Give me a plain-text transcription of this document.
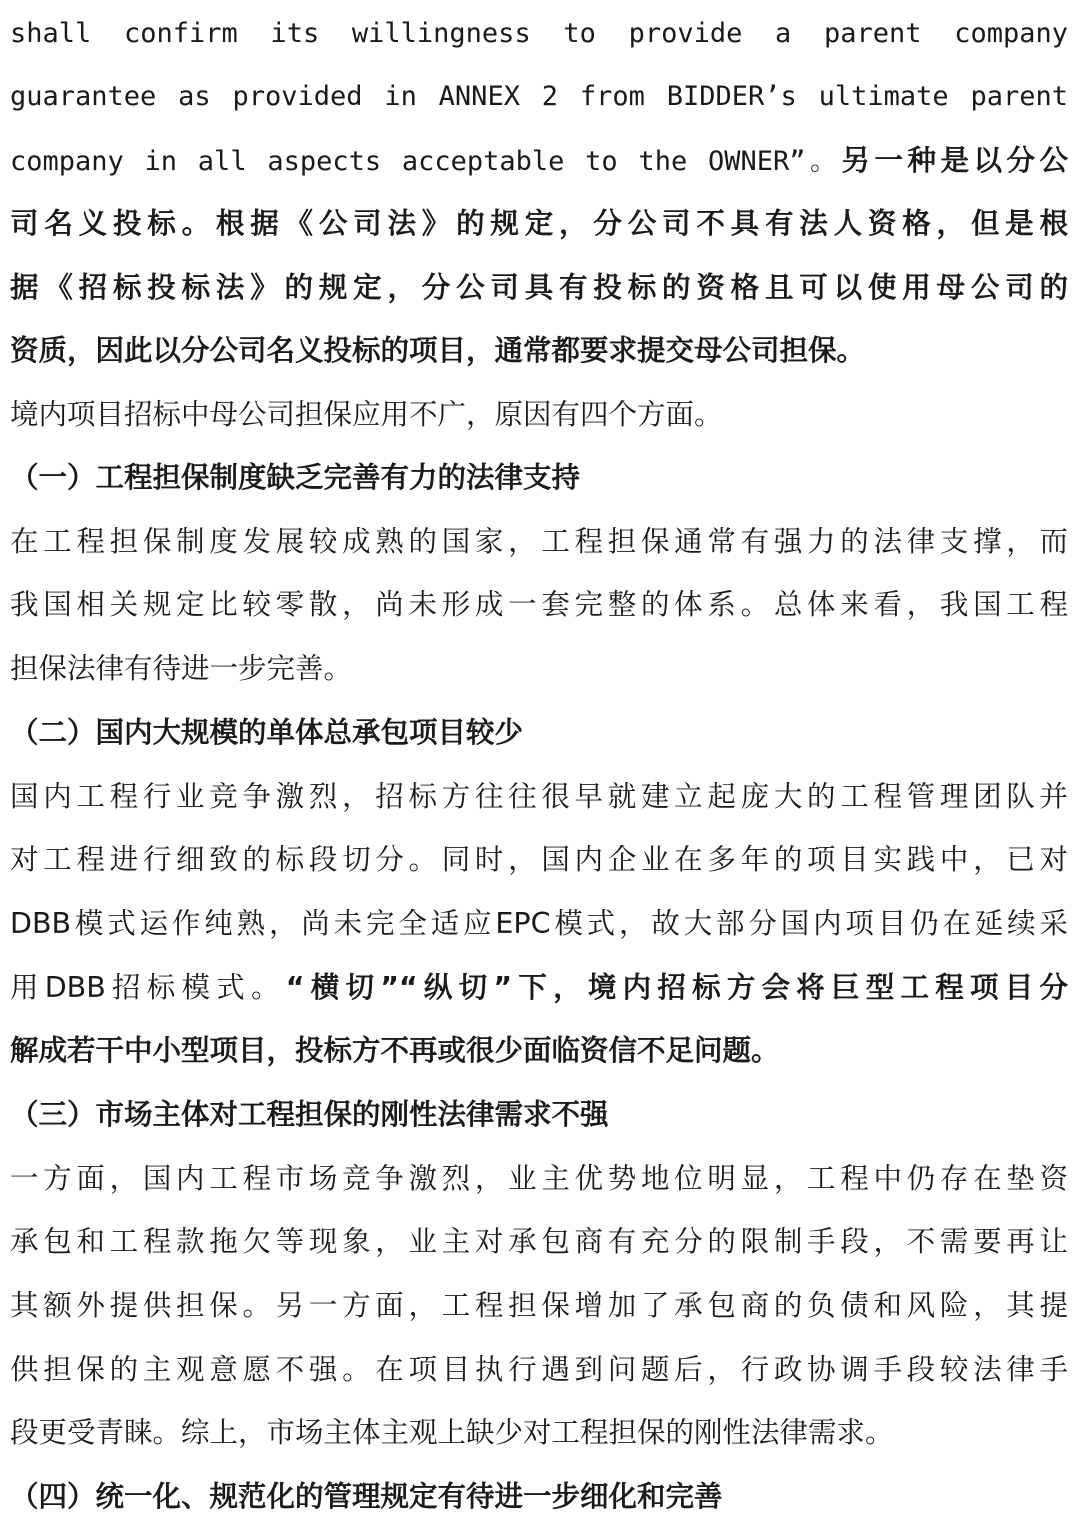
shall confirm its willingness to provide a parent company
guarantee as provided in ANNEX 2 from BIDDER’s ultimate parent
company in all aspects acceptable to the OWNER”。另一种是以分公
司名义投标。根据《公司法》的规定，分公司不具有法人资格，但是根
据《招标投标法》的规定，分公司具有投标的资格且可以使用母公司的
资质，因此以分公司名义投标的项目，通常都要求提交母公司担保。
境内项目招标中母公司担保应用不广，原因有四个方面。
（一）工程担保制度缺乏完善有力的法律支持
在工程担保制度发展较成熟的国家，工程担保通常有强力的法律支撑，而
我国相关规定比较零散，尚未形成一套完整的体系。总体来看，我国工程
担保法律有待进一步完善。
（二）国内大规模的单体总承包项目较少
国内工程行业竞争激烈，招标方往往很早就建立起庞大的工程管理团队并
对工程进行细致的标段切分。同时，国内企业在多年的项目实践中，已对
DBB模式运作纯熟，尚未完全适应EPC模式，故大部分国内项目仍在延续采
用DBB招标模式。“横切”“纵切”下，境内招标方会将巨型工程项目分
解成若干中小型项目，投标方不再或很少面临资信不足问题。
（三）市场主体对工程担保的刚性法律需求不强
一方面，国内工程市场竞争激烈，业主优势地位明显，工程中仍存在垫资
承包和工程款拖欠等现象，业主对承包商有充分的限制手段，不需要再让
其额外提供担保。另一方面，工程担保增加了承包商的负债和风险，其提
供担保的主观意愿不强。在项目执行遇到问题后，行政协调手段较法律手
段更受青睐。综上，市场主体主观上缺少对工程担保的刚性法律需求。
（四）统一化、规范化的管理规定有待进一步细化和完善
